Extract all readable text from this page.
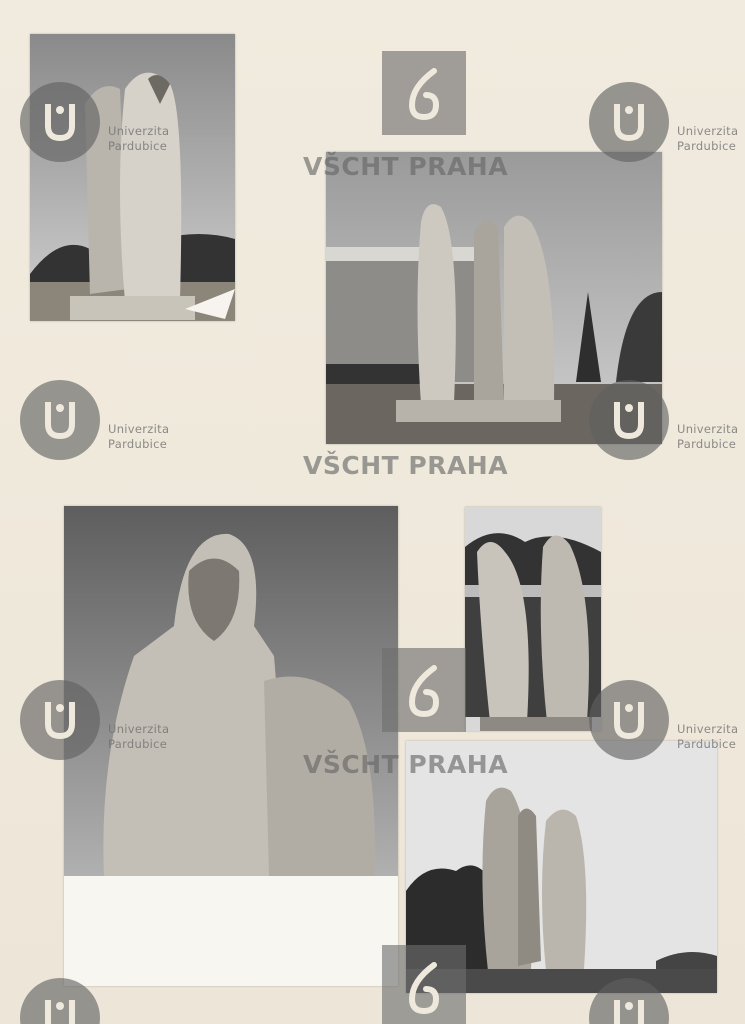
Univerzita
Pardubice
Univerzita
Pardubice
Univerzita
Pardubice
Univerzita
Pardubice
Univerzita
Pardubice
Univerzita
Pardubice
VŠCHT PRAHA
VŠCHT PRAHA
VŠCHT PRAHA
